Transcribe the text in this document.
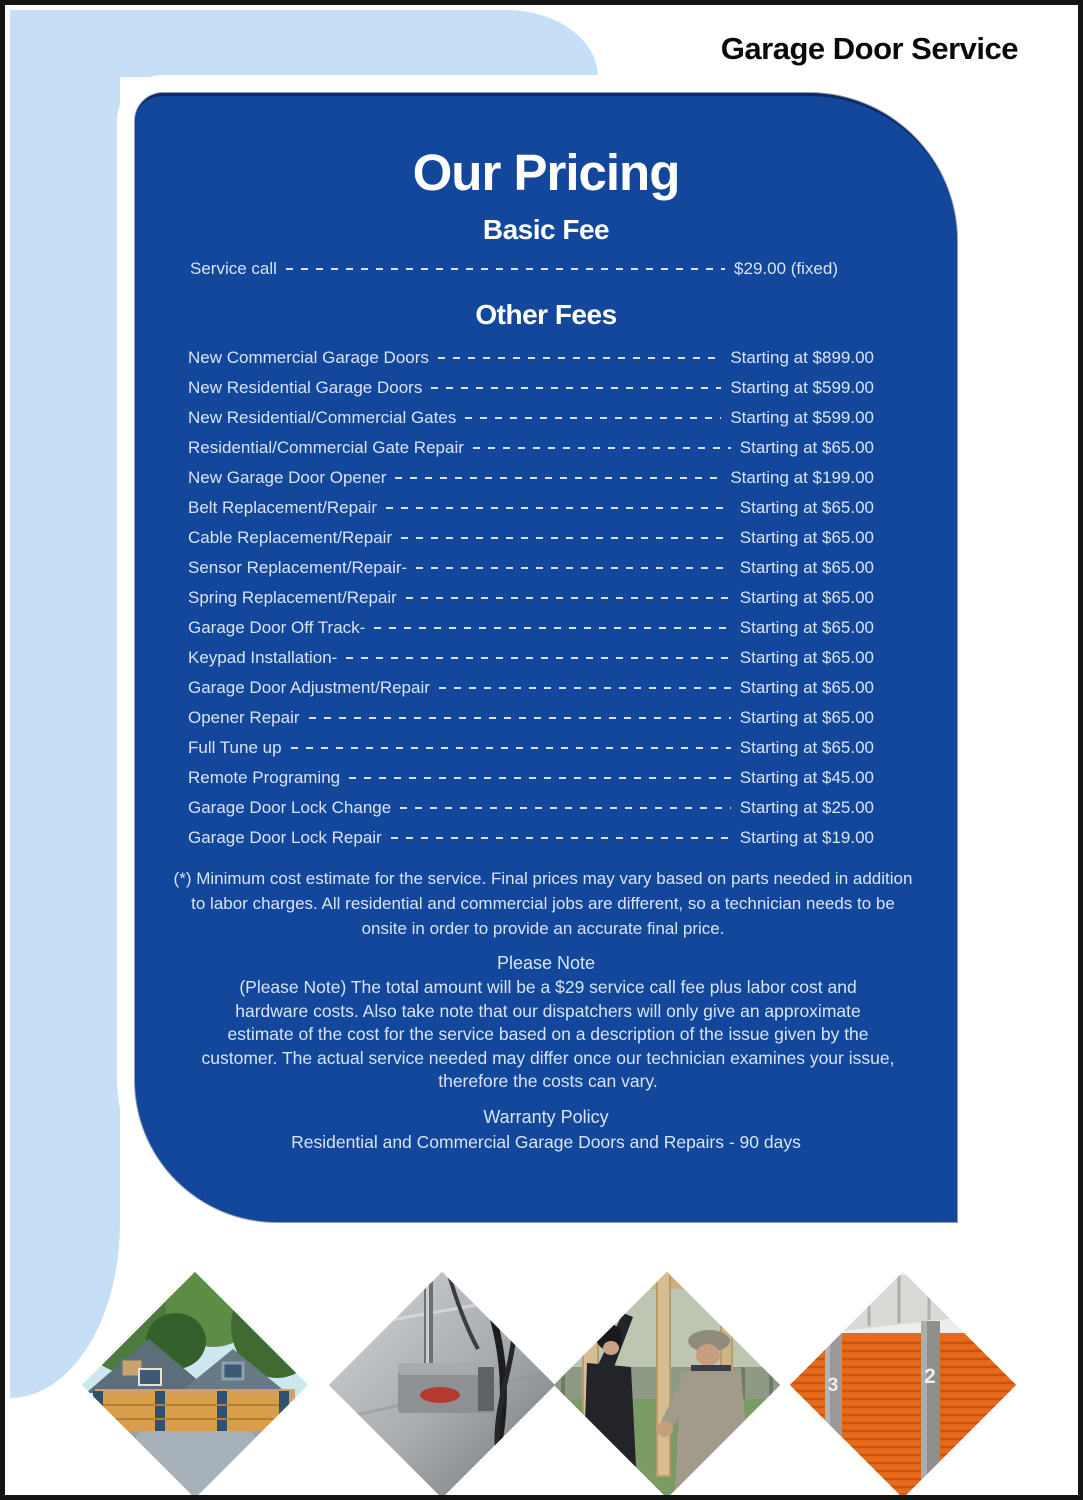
Garage Door Service
Our Pricing
Basic Fee
Service call	$29.00 (fixed)
Other Fees
New Commercial Garage Doors	Starting at $899.00
New Residential Garage Doors	Starting at $599.00
New Residential/Commercial Gates	Starting at $599.00
Residential/Commercial Gate Repair	Starting at $65.00
New Garage Door Opener	Starting at $199.00
Belt Replacement/Repair	Starting at $65.00
Cable Replacement/Repair	Starting at $65.00
Sensor Replacement/Repair-	Starting at $65.00
Spring Replacement/Repair	Starting at $65.00
Garage Door Off Track-	Starting at $65.00
Keypad Installation-	Starting at $65.00
Garage Door Adjustment/Repair	Starting at $65.00
Opener Repair	Starting at $65.00
Full Tune up	Starting at $65.00
Remote Programing	Starting at $45.00
Garage Door Lock Change	Starting at $25.00
Garage Door Lock Repair	Starting at $19.00
(*) Minimum cost estimate for the service. Final prices may vary based on parts needed in addition to labor charges. All residential and commercial jobs are different, so a technician needs to be onsite in order to provide an accurate final price.
Please Note
(Please Note) The total amount will be a $29 service call fee plus labor cost and hardware costs. Also take note that our dispatchers will only give an approximate estimate of the cost for the service based on a description of the issue given by the customer. The actual service needed may differ once our technician examines your issue, therefore the costs can vary.
Warranty Policy
Residential and Commercial Garage Doors and Repairs - 90 days
3	2
